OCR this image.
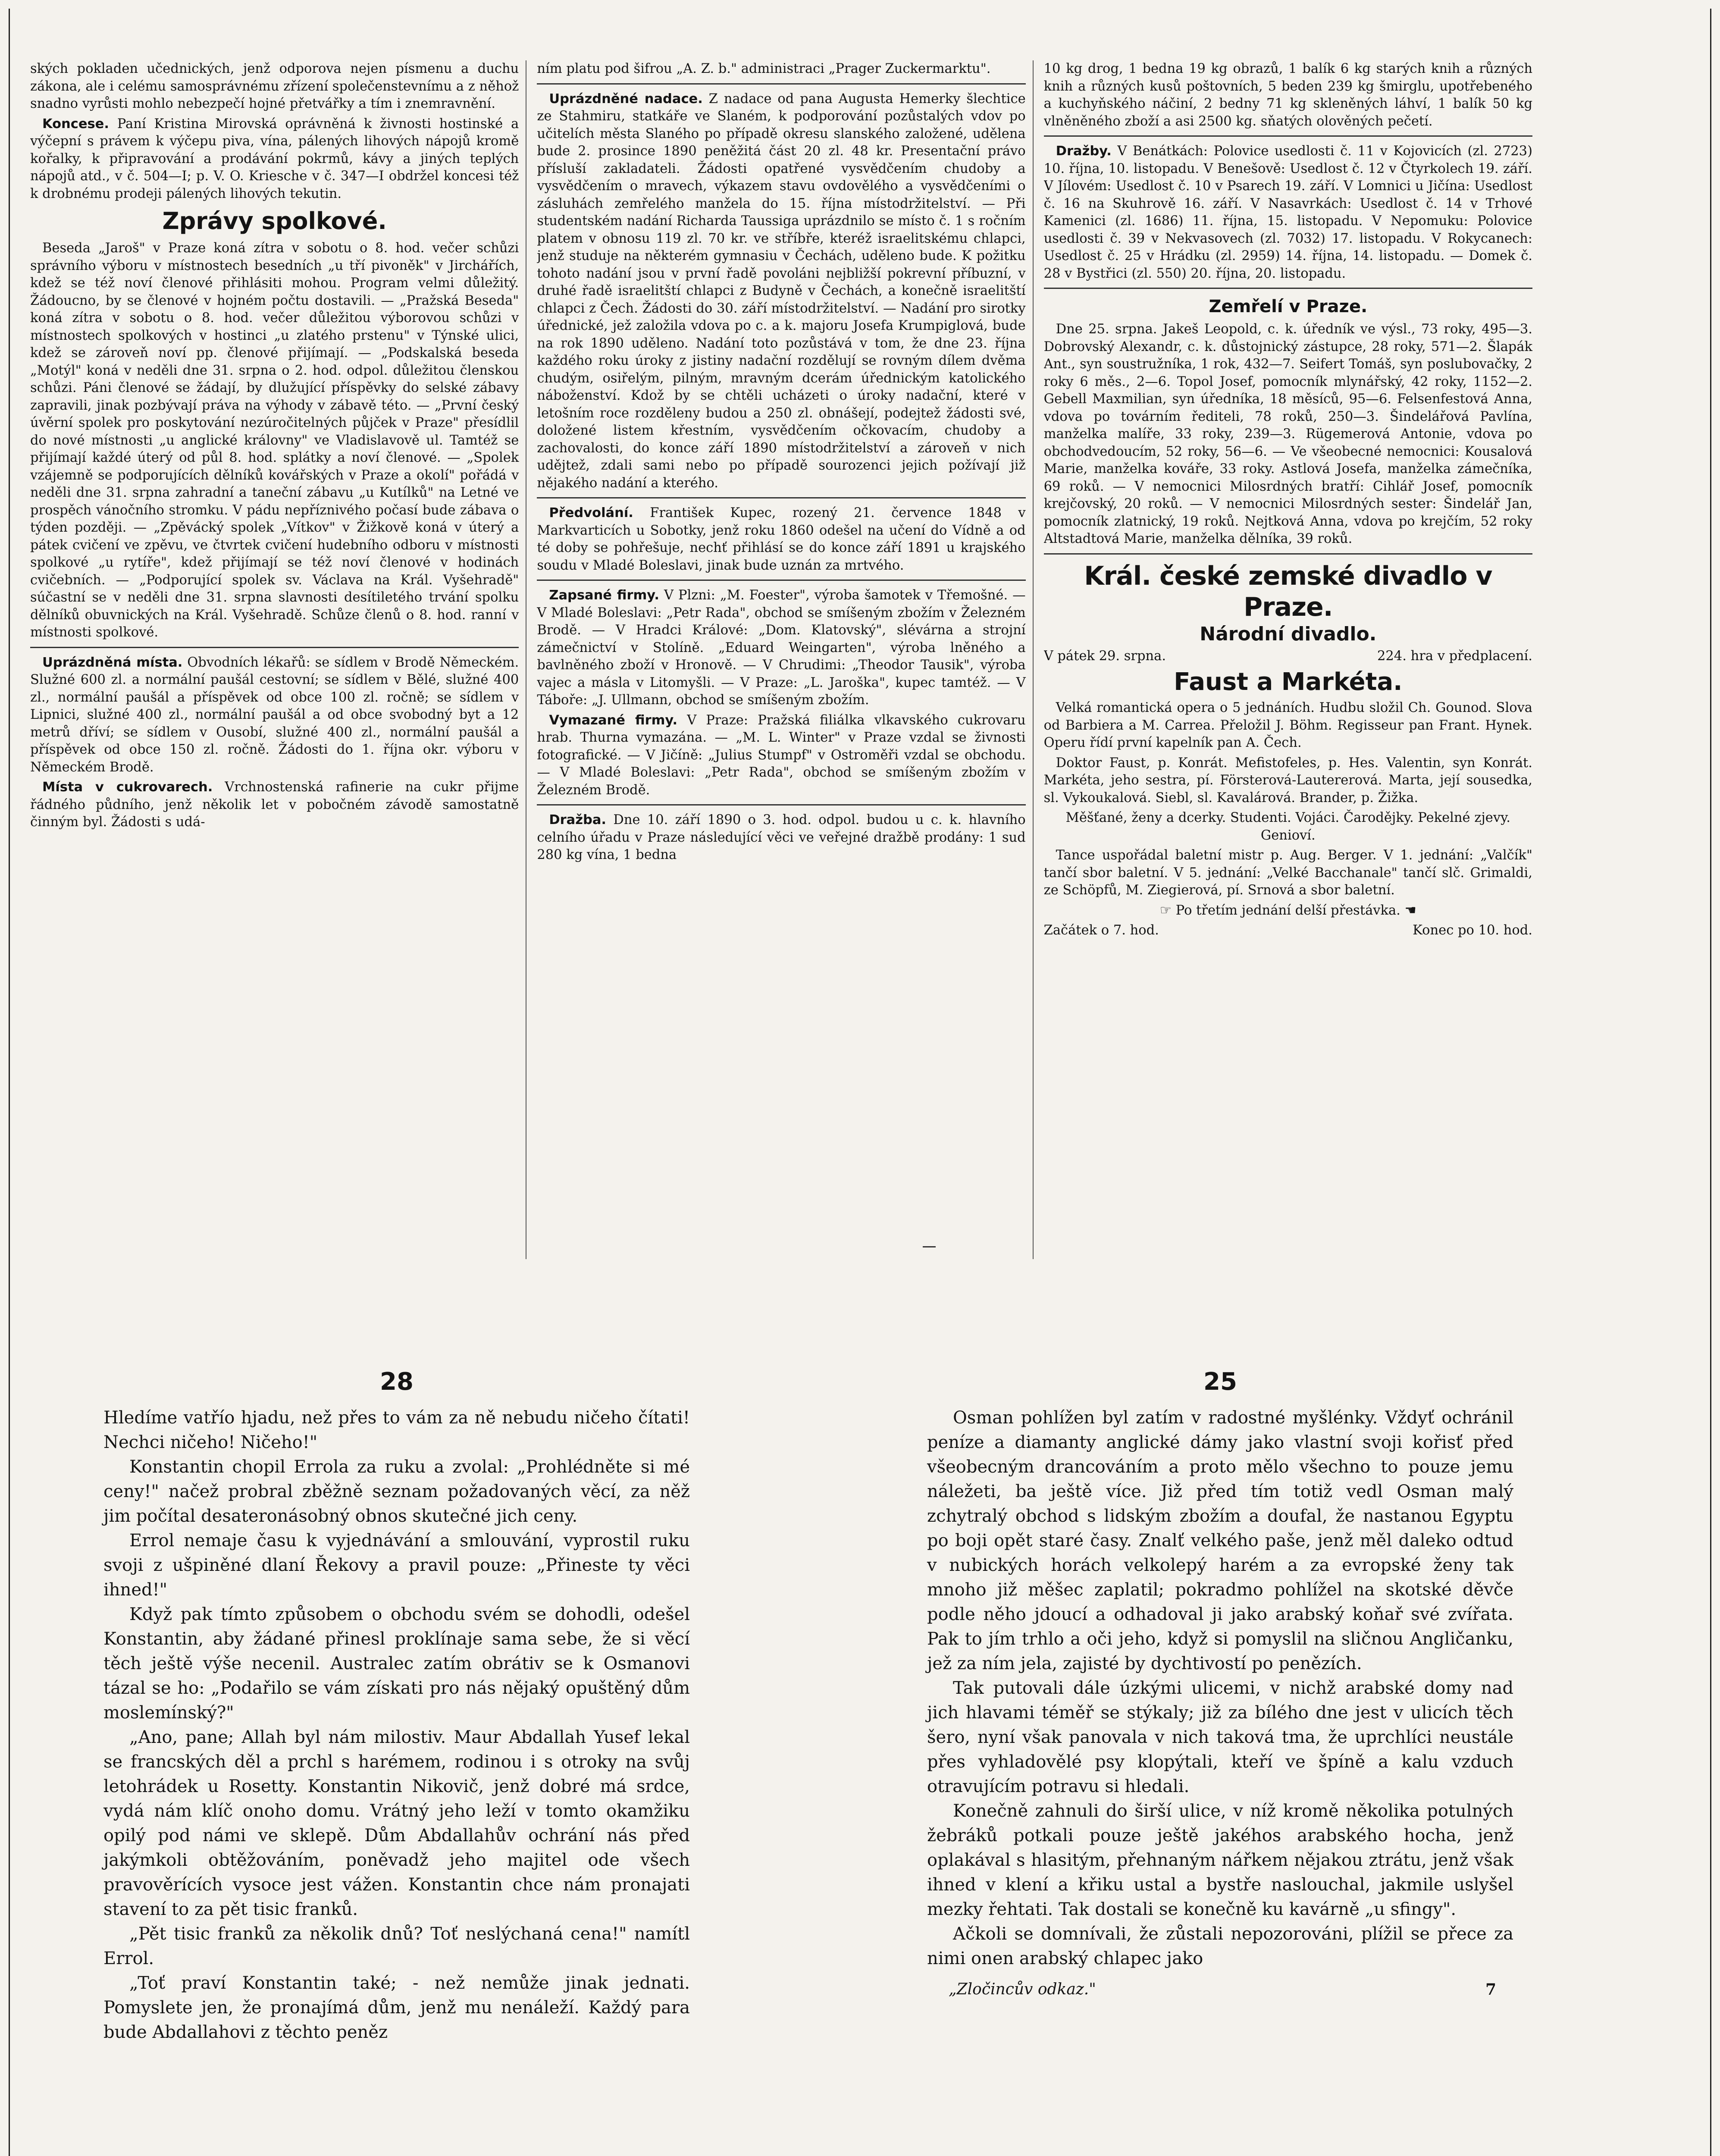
ských pokladen učednických, jenž odporova nejen písmenu a duchu zákona, ale i celému samosprávnému zřízení společenstevnímu a z něhož snadno vyrůsti mohlo nebezpečí hojné přetvářky a tím i znemravnění.

Koncese. Paní Kristina Mirovská oprávněná k živnosti hostinské a výčepní s právem k výčepu piva, vína, pálených lihových nápojů kromě kořalky, k připravování a prodávání pokrmů, kávy a jiných teplých nápojů atd., v č. 504—I; p. V. O. Kriesche v č. 347—I obdržel koncesi též k drobnému prodeji pálených lihových tekutin.

Zprávy spolkové.

Beseda „Jaroš" v Praze koná zítra v sobotu o 8. hod. večer schůzi správního výboru v místnostech besedních „u tří pivoněk" v Jirchářích, kdež se též noví členové přihlásiti mohou. Program velmi důležitý. Žádoucno, by se členové v hojném počtu dostavili. — „Pražská Beseda" koná zítra v sobotu o 8. hod. večer důležitou výborovou schůzi v místnostech spolkových v hostinci „u zlatého prstenu" v Týnské ulici, kdež se zároveň noví pp. členové přijímají. — „Podskalská beseda „Motýl" koná v neděli dne 31. srpna o 2. hod. odpol. důležitou členskou schůzi. Páni členové se žádají, by dlužující příspěvky do selské zábavy zapravili, jinak pozbývají práva na výhody v zábavě této. — „První český úvěrní spolek pro poskytování nezúročitelných půjček v Praze" přesídlil do nové místnosti „u anglické královny" ve Vladislavově ul. Tamtéž se přijímají každé úterý od půl 8. hod. splátky a noví členové. — „Spolek vzájemně se podporujících dělníků kovářských v Praze a okolí" pořádá v neděli dne 31. srpna zahradní a taneční zábavu „u Kutílků" na Letné ve prospěch vánočního stromku. V pádu nepříznivého počasí bude zábava o týden později. — „Zpěvácký spolek „Vítkov" v Žižkově koná v úterý a pátek cvičení ve zpěvu, ve čtvrtek cvičení hudebního odboru v místnosti spolkové „u rytíře", kdež přijímají se též noví členové v hodinách cvičebních. — „Podporující spolek sv. Václava na Král. Vyšehradě" súčastní se v neděli dne 31. srpna slavnosti desítiletého trvání spolku dělníků obuvnických na Král. Vyšehradě. Schůze členů o 8. hod. ranní v místnosti spolkové.

Uprázdněná místa. Obvodních lékařů: se sídlem v Brodě Německém. Služné 600 zl. a normální paušál cestovní; se sídlem v Bělé, služné 400 zl., normální paušál a příspěvek od obce 100 zl. ročně; se sídlem v Lipnici, služné 400 zl., normální paušál a od obce svobodný byt a 12 metrů dříví; se sídlem v Ousobí, služné 400 zl., normální paušál a příspěvek od obce 150 zl. ročně. Žádosti do 1. října okr. výboru v Německém Brodě.

Místa v cukrovarech. Vrchnostenská rafinerie na cukr přijme řádného půdníhо, jenž několik let v pobočném závodě samostatně činným byl. Žádosti s udá-

ním platu pod šifrou „A. Z. b." administraci „Prager Zuckermarktu".

Uprázdněné nadace. Z nadace od pana Augusta Hemerky šlechtice ze Stahmiru, statkáře ve Slaném, k podporování pozůstalých vdov po učitelích města Slaného po případě okresu slanského založené, udělena bude 2. prosince 1890 peněžitá část 20 zl. 48 kr. Presentační právo přísluší zakladateli. Žádosti opatřené vysvědčením chudoby a vysvědčením o mravech, výkazem stavu ovdovělého a vysvědčeními o zásluhách zemřelého manžela do 15. října místodržitelství. — Při studentském nadání Richarda Taussiga uprázdnilo se místo č. 1 s ročním platem v obnosu 119 zl. 70 kr. ve stříbře, kteréž israelitskému chlapci, jenž studuje na některém gymnasiu v Čechách, uděleno bude. K požitku tohoto nadání jsou v první řadě povoláni nejbližší pokrevní příbuzní, v druhé řadě israelitští chlapci z Budyně v Čechách, a konečně israelitští chlapci z Čech. Žádosti do 30. září místodržitelství. — Nadání pro sirotky úřednické, jež založila vdova po c. a k. majoru Josefa Krumpiglová, bude na rok 1890 uděleno. Nadání toto pozůstává v tom, že dne 23. října každého roku úroky z jistiny nadační rozdělují se rovným dílem dvěma chudým, osiřelým, pilným, mravným dcerám úřednickým katolického náboženství. Kdož by se chtěli ucházeti o úroky nadační, které v letošním roce rozděleny budou a 250 zl. obnášejí, podejtež žádosti své, doložené listem křestním, vysvědčením očkovacím, chudoby a zachovalosti, do konce září 1890 místodržitelství a zároveň v nich udějtež, zdali sami nebo po případě sourozenci jejich požívají již nějakého nadání a kterého.

Předvolání. František Kupec, rozený 21. července 1848 v Markvarticích u Sobotky, jenž roku 1860 odešel na učení do Vídně a od té doby se pohřešuje, nechť přihlásí se do konce září 1891 u krajského soudu v Mladé Boleslavi, jinak bude uznán za mrtvého.

Zapsané firmy. V Plzni: „M. Foester", výroba šamotek v Třemošné. — V Mladé Boleslavi: „Petr Rada", obchod se smíšeným zbožím v Železném Brodě. — V Hradci Králové: „Dom. Klatovský", slévárna a strojní zámečnictví v Stolíně. „Eduard Weingarten", výroba lněného a bavlněného zboží v Hronově. — V Chrudimi: „Theodor Tausik", výroba vajec a másla v Litomyšli. — V Praze: „L. Jaroška", kupec tamtéž. — V Táboře: „J. Ullmann, obchod se smíšeným zbožím.

Vymazané firmy. V Praze: Pražská filiálka vlkavského cukrovaru hrab. Thurna vymazána. — „M. L. Winter" v Praze vzdal se živnosti fotografické. — V Jičíně: „Julius Stumpf" v Ostroměři vzdal se obchodu. — V Mladé Boleslavi: „Petr Rada", obchod se smíšeným zbožím v Železném Brodě.

Dražba. Dne 10. září 1890 o 3. hod. odpol. budou u c. k. hlavního celního úřadu v Praze následující věci ve veřejné dražbě prodány: 1 sud 280 kg vína, 1 bedna

10 kg drog, 1 bedna 19 kg obrazů, 1 balík 6 kg starých knih a různých knih a různých kusů poštovních, 5 beden 239 kg šmirglu, upotřebeného a kuchyňského náčiní, 2 bedny 71 kg skleněných láhví, 1 balík 50 kg vlněněného zboží a asi 2500 kg. sňatých olověných pečetí.

Dražby. V Benátkách: Polovice usedlosti č. 11 v Kojovicích (zl. 2723) 10. října, 10. listopadu. V Benešově: Usedlost č. 12 v Čtyrkolech 19. září. V Jílovém: Usedlost č. 10 v Psarech 19. září. V Lomnici u Jičína: Usedlost č. 16 na Skuhrově 16. září. V Nasavrkách: Usedlost č. 14 v Trhové Kamenici (zl. 1686) 11. října, 15. listopadu. V Nepomuku: Polovice usedlosti č. 39 v Nekvasovech (zl. 7032) 17. listopadu. V Rokycanech: Usedlost č. 25 v Hrádku (zl. 2959) 14. října, 14. listopadu. — Domek č. 28 v Bystřici (zl. 550) 20. října, 20. listopadu.

Zemřelí v Praze.

Dne 25. srpna. Jakeš Leopold, c. k. úředník ve výsl., 73 roky, 495—3. Dobrovský Alexandr, c. k. důstojnický zástupce, 28 roky, 571—2. Šlapák Ant., syn soustružníka, 1 rok, 432—7. Seifert Tomáš, syn poslubovačky, 2 roky 6 měs., 2—6. Topol Josef, pomocník mlynářský, 42 roky, 1152—2. Gebell Maxmilian, syn úředníka, 18 měsíců, 95—6. Felsenfestová Anna, vdova po továrním řediteli, 78 roků, 250—3. Šindelářová Pavlína, manželka malíře, 33 roky, 239—3. Rügemerová Antonie, vdova po obchodvedoucím, 52 roky, 56—6. — Ve všeobecné nemocnici: Kousalová Marie, manželka kováře, 33 roky. Astlová Josefa, manželka zámečníka, 69 roků. — V nemocnici Milosrdných bratří: Cihlář Josef, pomocník krejčovský, 20 roků. — V nemocnici Milosrdných sester: Šindelář Jan, pomocník zlatnický, 19 roků. Nejtková Anna, vdova po krejčím, 52 roky Altstadtová Marie, manželka dělníka, 39 roků.

Král. české zemské divadlo v Praze.
Národní divadlo.
V pátek 29. srpna.	224. hra v předplacení.
Faust a Markéta.

Velká romantická opera o 5 jednáních. Hudbu složil Ch. Gounod. Slova od Barbiera a M. Carrea. Přeložil J. Böhm. Regisseur pan Frant. Hynek. Operu řídí první kapelník pan A. Čech.

Doktor Faust, p. Konrát. Mefistofeles, p. Hes. Valentin, syn Konrát. Markéta, jeho sestra, pí. Försterová-Lautererová. Marta, její sousedka, sl. Vykoukalová. Siebl, sl. Kavalárová. Brander, p. Žižka.

Měšťané, ženy a dcerky. Studenti. Vojáci. Čarodějky. Pekelné zjevy. Genioví.

Tance uspořádal baletní mistr p. Aug. Berger. V 1. jednání: „Valčík" tančí sbor baletní. V 5. jednání: „Velké Bacchanale" tančí slč. Grimaldi, ze Schöpfů, M. Ziegierová, pí. Srnová a sbor baletní.

☞ Po třetím jednání delší přestávka. ☚

Začátek o 7. hod.	Konec po 10. hod.
28

Hledíme vatřío hjadu, než přes to vám za ně nebudu ničeho čítati! Nechci ničeho! Ničeho!"

Konstantin chopil Errola za ruku a zvolal: „Prohlédněte si mé ceny!" načež probral zběžně seznam požadovaných věcí, za něž jim počítal desateronásobný obnos skutečné jich ceny.

Errol nemaje času k vyjednávání a smlouvání, vyprostil ruku svoji z ušpiněné dlaní Řekovy a pravil pouze: „Přineste ty věci ihned!"

Když pak tímto způsobem o obchodu svém se dohodli, odešel Konstantin, aby žádané přinesl proklínaje sama sebe, že si věcí těch ještě výše necenil. Australec zatím obrátiv se k Osmanovi tázal se ho: „Podařilo se vám získati pro nás nějaký opuštěný dům moslemínský?"

„Ano, pane; Allah byl nám milostiv. Maur Abdallah Yusef lekal se francských děl a prchl s harémem, rodinou i s otroky na svůj letohrádek u Rosetty. Konstantin Nikovič, jenž dobré má srdce, vydá nám klíč onoho domu. Vrátný jeho leží v tomto okamžiku opilý pod námi ve sklepě. Dům Abdallahův ochrání nás před jakýmkoli obtěžováním, poněvadž jeho majitel ode všech pravověrících vysoce jest vážen. Konstantin chce nám pronajati stavení to za pět tisic franků.

„Pět tisic franků za několik dnů? Toť neslýchaná cena!" namítl Errol.

„Toť praví Konstantin také; - než nemůže jinak jednati. Pomyslete jen, že pronajímá dům, jenž mu nenáleží. Každý para bude Abdallahovi z těchto peněz

25

Osman pohlížen byl zatím v radostné myšlénky. Vždyť ochránil peníze a diamanty anglické dámy jako vlastní svoji kořisť před všeobecným drancováním a proto mělo všechno to pouze jemu náležeti, ba ještě více. Již před tím totiž vedl Osman malý zchytralý obchod s lidským zbožím a doufal, že nastanou Egyptu po boji opět staré časy. Znalť velkého paše, jenž měl daleko odtud v nubických horách velkolepý harém a za evropské ženy tak mnoho již měšec zaplatil; pokradmo pohlížel na skotské děvče podle něho jdoucí a odhadoval ji jako arabský koňař své zvířata. Pak to jím trhlo a oči jeho, když si pomyslil na sličnou Angličanku, jež za ním jela, zajisté by dychtivostí po penězích.

Tak putovali dále úzkými ulicemi, v nichž arabské domy nad jich hlavami téměř se stýkaly; již za bílého dne jest v ulicích těch šero, nyní však panovala v nich taková tma, že uprchlíci neustále přes vyhladovělé psy klopýtali, kteří ve špíně a kalu vzduch otravujícím potravu si hledali.

Konečně zahnuli do širší ulice, v níž kromě několika potulných žebráků potkali pouze ještě jakéhos arabského hocha, jenž oplakával s hlasitým, přehnaným nářkem nějakou ztrátu, jenž však ihned v klení a křiku ustal a bystře naslouchal, jakmile uslyšel mezky řehtati. Tak dostali se konečně ku kavárně „u sfingy".

Ačkoli se domnívali, že zůstali nepozorováni, plížil se přece za nimi onen arabský chlapec jako

„Zločincův odkaz."	7
